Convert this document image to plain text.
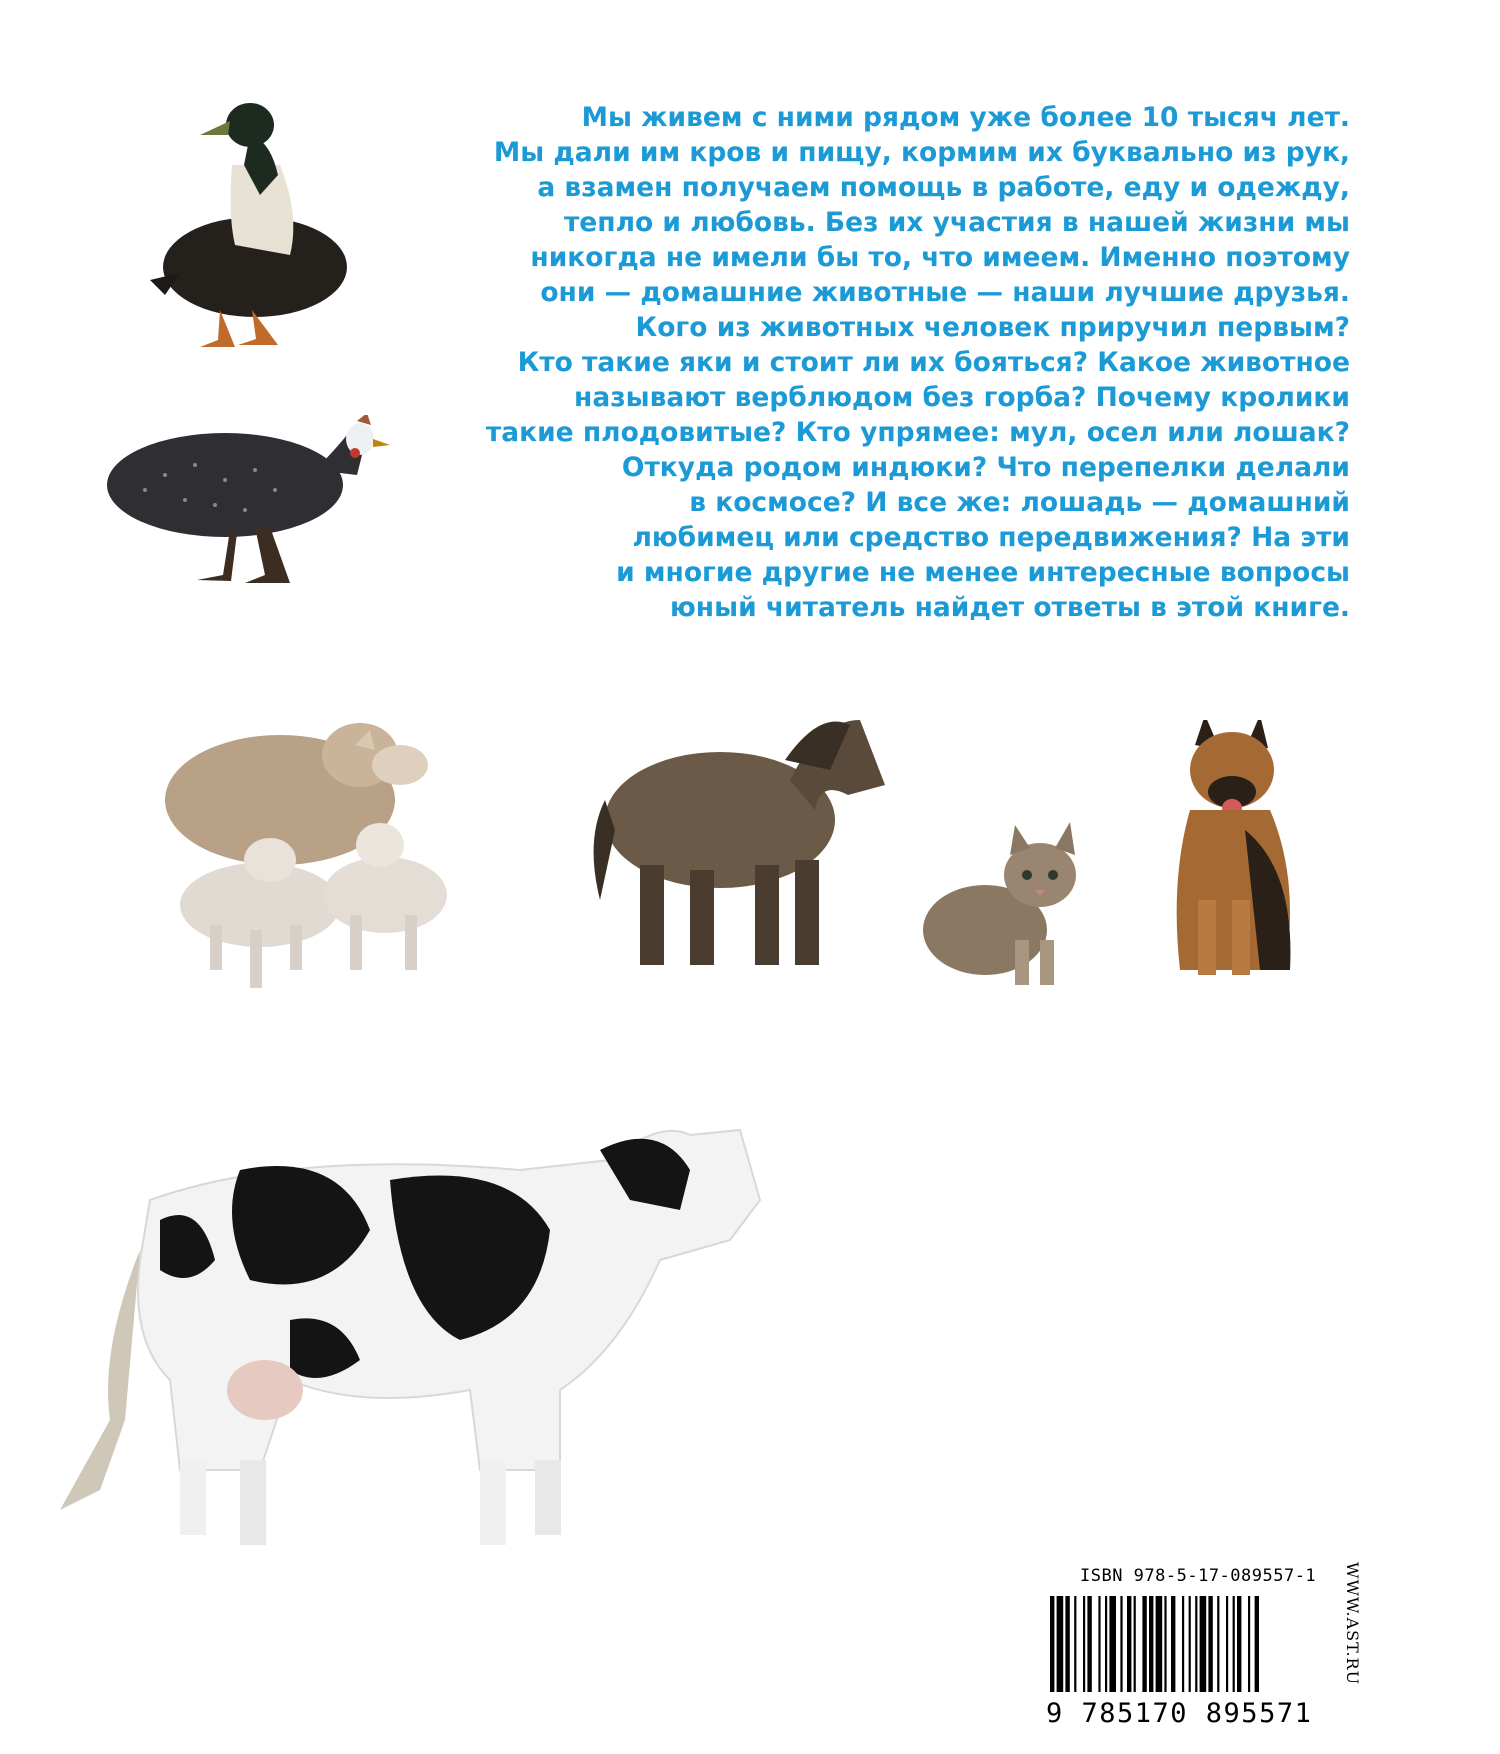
Мы живем с ними рядом уже более 10 тысяч лет.
Мы дали им кров и пищу, кормим их буквально из рук,
а взамен получаем помощь в работе, еду и одежду,
тепло и любовь. Без их участия в нашей жизни мы
никогда не имели бы то, что имеем. Именно поэтому
они — домашние животные — наши лучшие друзья.
Кого из животных человек приручил первым?
Кто такие яки и стоит ли их бояться? Какое животное
называют верблюдом без горба? Почему кролики
такие плодовитые? Кто упрямее: мул, осел или лошак?
Откуда родом индюки? Что перепелки делали
в космосе? И все же: лошадь — домашний
любимец или средство передвижения? На эти
и многие другие не менее интересные вопросы
юный читатель найдет ответы в этой книге.
ISBN 978-5-17-089557-1
9 785170 895571
WWW.AST.RU
